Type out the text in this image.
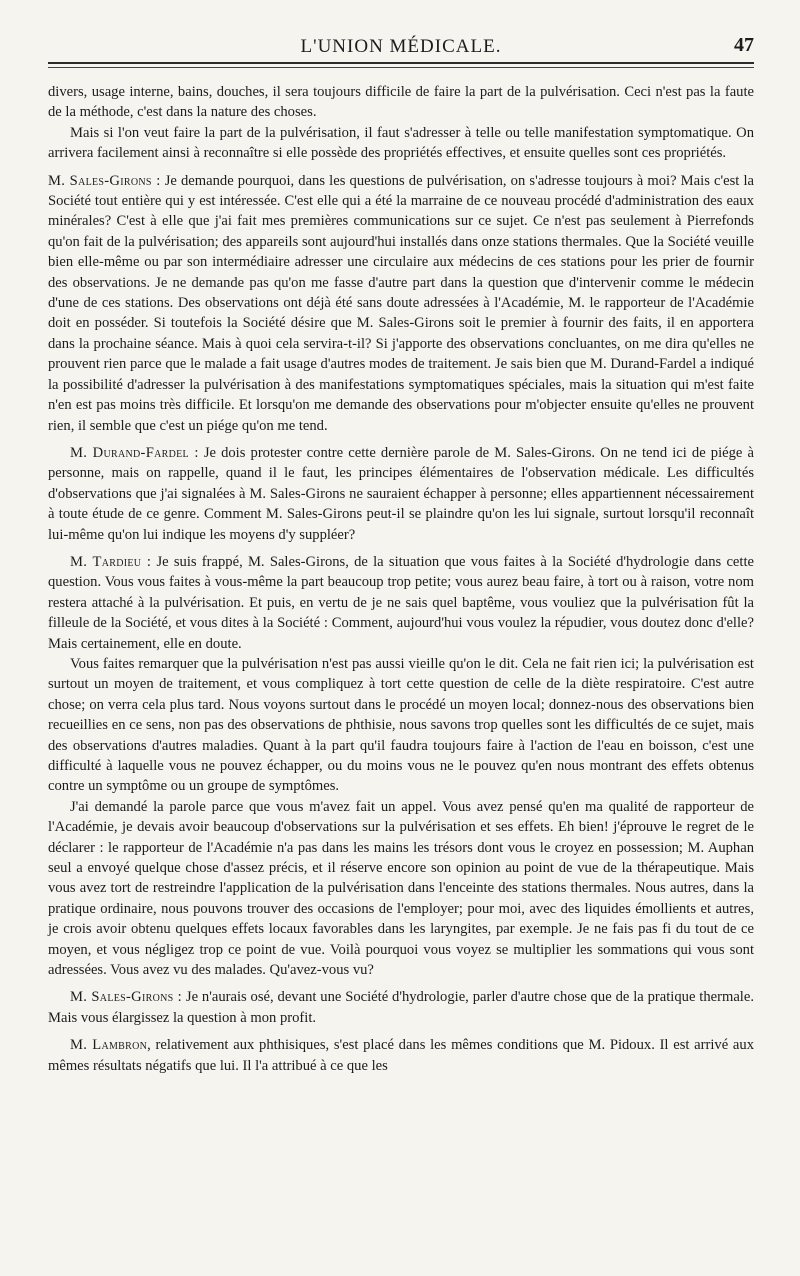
L'UNION MÉDICALE.	47

divers, usage interne, bains, douches, il sera toujours difficile de faire la part de la pulvérisation. Ceci n'est pas la faute de la méthode, c'est dans la nature des choses.

Mais si l'on veut faire la part de la pulvérisation, il faut s'adresser à telle ou telle manifestation symptomatique. On arrivera facilement ainsi à reconnaître si elle possède des propriétés effectives, et ensuite quelles sont ces propriétés.

M. Sales-Girons : Je demande pourquoi, dans les questions de pulvérisation, on s'adresse toujours à moi? Mais c'est la Société tout entière qui y est intéressée. C'est elle qui a été la marraine de ce nouveau procédé d'administration des eaux minérales? C'est à elle que j'ai fait mes premières communications sur ce sujet. Ce n'est pas seulement à Pierrefonds qu'on fait de la pulvérisation; des appareils sont aujourd'hui installés dans onze stations thermales. Que la Société veuille bien elle-même ou par son intermédiaire adresser une circulaire aux médecins de ces stations pour les prier de fournir des observations. Je ne demande pas qu'on me fasse d'autre part dans la question que d'intervenir comme le médecin d'une de ces stations. Des observations ont déjà été sans doute adressées à l'Académie, M. le rapporteur de l'Académie doit en posséder. Si toutefois la Société désire que M. Sales-Girons soit le premier à fournir des faits, il en apportera dans la prochaine séance. Mais à quoi cela servira-t-il? Si j'apporte des observations concluantes, on me dira qu'elles ne prouvent rien parce que le malade a fait usage d'autres modes de traitement. Je sais bien que M. Durand-Fardel a indiqué la possibilité d'adresser la pulvérisation à des manifestations symptomatiques spéciales, mais la situation qui m'est faite n'en est pas moins très difficile. Et lorsqu'on me demande des observations pour m'objecter ensuite qu'elles ne prouvent rien, il semble que c'est un piége qu'on me tend.

M. Durand-Fardel : Je dois protester contre cette dernière parole de M. Sales-Girons. On ne tend ici de piége à personne, mais on rappelle, quand il le faut, les principes élémentaires de l'observation médicale. Les difficultés d'observations que j'ai signalées à M. Sales-Girons ne sauraient échapper à personne; elles appartiennent nécessairement à toute étude de ce genre. Comment M. Sales-Girons peut-il se plaindre qu'on les lui signale, surtout lorsqu'il reconnaît lui-même qu'on lui indique les moyens d'y suppléer?

M. Tardieu : Je suis frappé, M. Sales-Girons, de la situation que vous faites à la Société d'hydrologie dans cette question. Vous vous faites à vous-même la part beaucoup trop petite; vous aurez beau faire, à tort ou à raison, votre nom restera attaché à la pulvérisation. Et puis, en vertu de je ne sais quel baptême, vous vouliez que la pulvérisation fût la filleule de la Société, et vous dites à la Société : Comment, aujourd'hui vous voulez la répudier, vous doutez donc d'elle? Mais certainement, elle en doute.

Vous faites remarquer que la pulvérisation n'est pas aussi vieille qu'on le dit. Cela ne fait rien ici; la pulvérisation est surtout un moyen de traitement, et vous compliquez à tort cette question de celle de la diète respiratoire. C'est autre chose; on verra cela plus tard. Nous voyons surtout dans le procédé un moyen local; donnez-nous des observations bien recueillies en ce sens, non pas des observations de phthisie, nous savons trop quelles sont les difficultés de ce sujet, mais des observations d'autres maladies. Quant à la part qu'il faudra toujours faire à l'action de l'eau en boisson, c'est une difficulté à laquelle vous ne pouvez échapper, ou du moins vous ne le pouvez qu'en nous montrant des effets obtenus contre un symptôme ou un groupe de symptômes.

J'ai demandé la parole parce que vous m'avez fait un appel. Vous avez pensé qu'en ma qualité de rapporteur de l'Académie, je devais avoir beaucoup d'observations sur la pulvérisation et ses effets. Eh bien! j'éprouve le regret de le déclarer : le rapporteur de l'Académie n'a pas dans les mains les trésors dont vous le croyez en possession; M. Auphan seul a envoyé quelque chose d'assez précis, et il réserve encore son opinion au point de vue de la thérapeutique. Mais vous avez tort de restreindre l'application de la pulvérisation dans l'enceinte des stations thermales. Nous autres, dans la pratique ordinaire, nous pouvons trouver des occasions de l'employer; pour moi, avec des liquides émollients et autres, je crois avoir obtenu quelques effets locaux favorables dans les laryngites, par exemple. Je ne fais pas fi du tout de ce moyen, et vous négligez trop ce point de vue. Voilà pourquoi vous voyez se multiplier les sommations qui vous sont adressées. Vous avez vu des malades. Qu'avez-vous vu?

M. Sales-Girons : Je n'aurais osé, devant une Société d'hydrologie, parler d'autre chose que de la pratique thermale. Mais vous élargissez la question à mon profit.

M. Lambron, relativement aux phthisiques, s'est placé dans les mêmes conditions que M. Pidoux. Il est arrivé aux mêmes résultats négatifs que lui. Il l'a attribué à ce que les
